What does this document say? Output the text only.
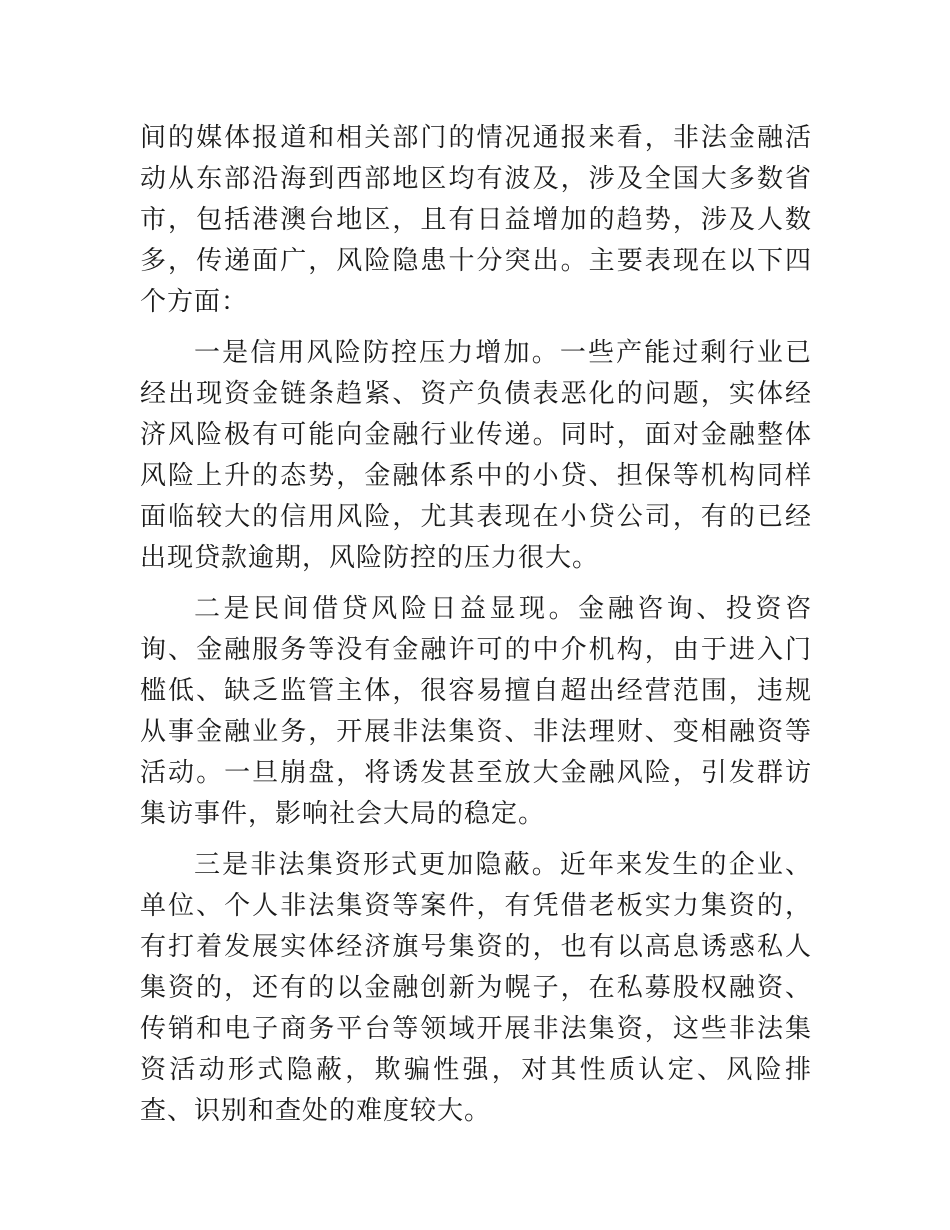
间的媒体报道和相关部门的情况通报来看，非法金融活动从东部沿海到西部地区均有波及，涉及全国大多数省市，包括港澳台地区，且有日益增加的趋势，涉及人数多，传递面广，风险隐患十分突出。主要表现在以下四个方面：

一是信用风险防控压力增加。一些产能过剩行业已经出现资金链条趋紧、资产负债表恶化的问题，实体经济风险极有可能向金融行业传递。同时，面对金融整体风险上升的态势，金融体系中的小贷、担保等机构同样面临较大的信用风险，尤其表现在小贷公司，有的已经出现贷款逾期，风险防控的压力很大。

二是民间借贷风险日益显现。金融咨询、投资咨询、金融服务等没有金融许可的中介机构，由于进入门槛低、缺乏监管主体，很容易擅自超出经营范围，违规从事金融业务，开展非法集资、非法理财、变相融资等活动。一旦崩盘，将诱发甚至放大金融风险，引发群访集访事件，影响社会大局的稳定。

三是非法集资形式更加隐蔽。近年来发生的企业、单位、个人非法集资等案件，有凭借老板实力集资的，有打着发展实体经济旗号集资的，也有以高息诱惑私人集资的，还有的以金融创新为幌子，在私募股权融资、传销和电子商务平台等领域开展非法集资，这些非法集资活动形式隐蔽，欺骗性强，对其性质认定、风险排查、识别和查处的难度较大。
